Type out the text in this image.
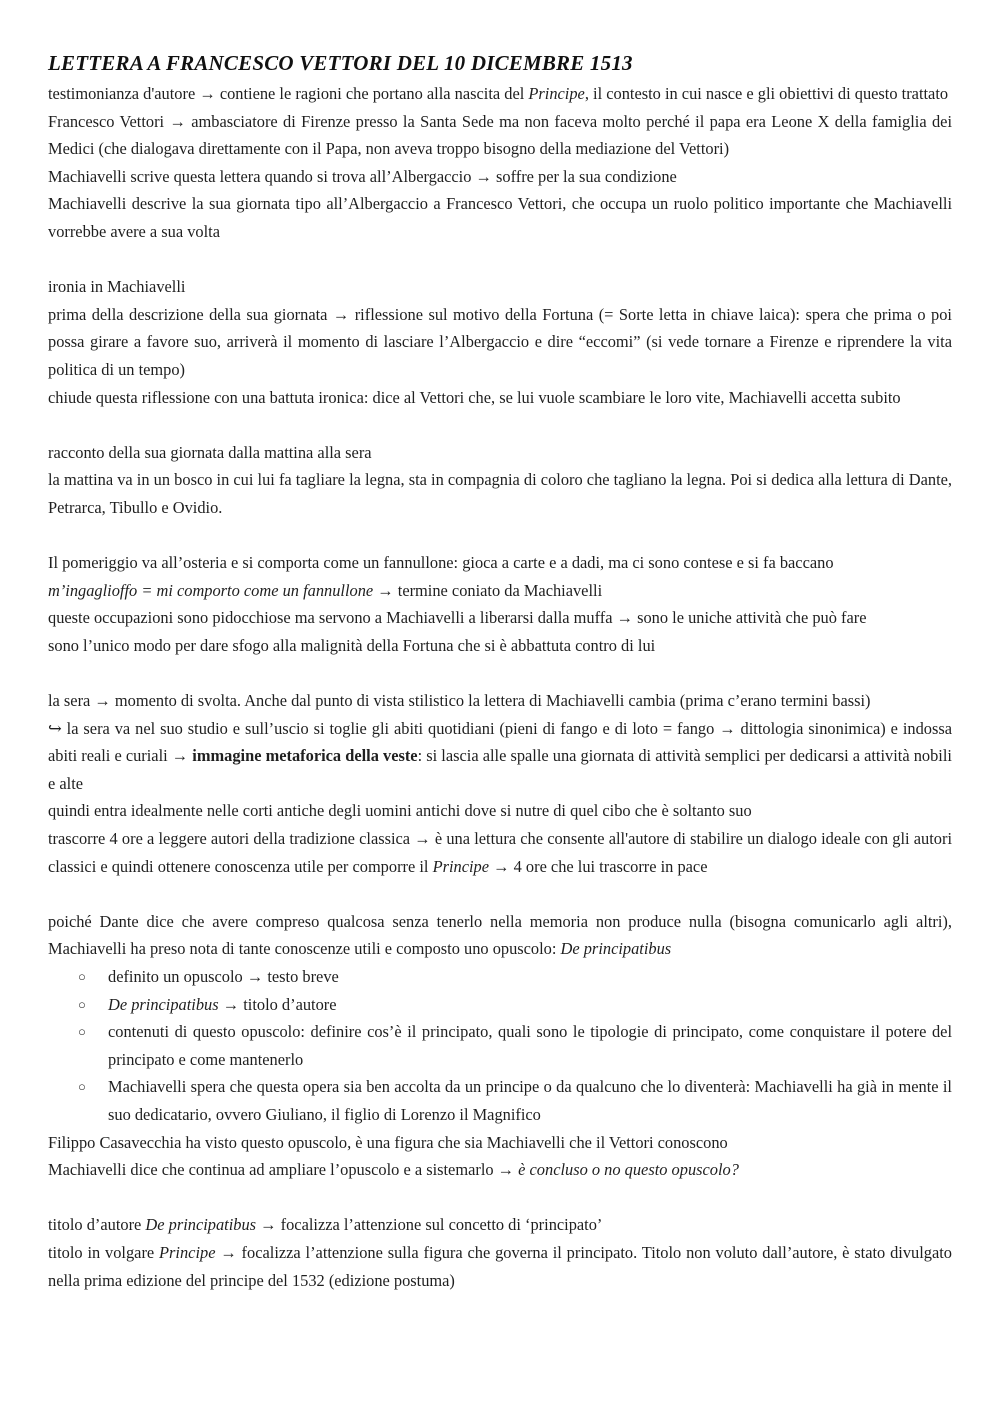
LETTERA A FRANCESCO VETTORI DEL 10 DICEMBRE 1513

testimonianza d'autore → contiene le ragioni che portano alla nascita del Principe, il contesto in cui nasce e gli obiettivi di questo trattato

Francesco Vettori → ambasciatore di Firenze presso la Santa Sede ma non faceva molto perché il papa era Leone X della famiglia dei Medici (che dialogava direttamente con il Papa, non aveva troppo bisogno della mediazione del Vettori)

Machiavelli scrive questa lettera quando si trova all’Albergaccio → soffre per la sua condizione

Machiavelli descrive la sua giornata tipo all’Albergaccio a Francesco Vettori, che occupa un ruolo politico importante che Machiavelli vorrebbe avere a sua volta

ironia in Machiavelli

prima della descrizione della sua giornata → riflessione sul motivo della Fortuna (= Sorte letta in chiave laica): spera che prima o poi possa girare a favore suo, arriverà il momento di lasciare l’Albergaccio e dire “eccomi” (si vede tornare a Firenze e riprendere la vita politica di un tempo)

chiude questa riflessione con una battuta ironica: dice al Vettori che, se lui vuole scambiare le loro vite, Machiavelli accetta subito

racconto della sua giornata dalla mattina alla sera

la mattina va in un bosco in cui lui fa tagliare la legna, sta in compagnia di coloro che tagliano la legna. Poi si dedica alla lettura di Dante, Petrarca, Tibullo e Ovidio.

Il pomeriggio va all’osteria e si comporta come un fannullone: gioca a carte e a dadi, ma ci sono contese e si fa baccano

m’ingaglioffo = mi comporto come un fannullone → termine coniato da Machiavelli

queste occupazioni sono pidocchiose ma servono a Machiavelli a liberarsi dalla muffa → sono le uniche attività che può fare

sono l’unico modo per dare sfogo alla malignità della Fortuna che si è abbattuta contro di lui

la sera → momento di svolta. Anche dal punto di vista stilistico la lettera di Machiavelli cambia (prima c’erano termini bassi)

↪ la sera va nel suo studio e sull’uscio si toglie gli abiti quotidiani (pieni di fango e di loto = fango → dittologia sinonimica) e indossa abiti reali e curiali → immagine metaforica della veste: si lascia alle spalle una giornata di attività semplici per dedicarsi a attività nobili e alte

quindi entra idealmente nelle corti antiche degli uomini antichi dove si nutre di quel cibo che è soltanto suo

trascorre 4 ore a leggere autori della tradizione classica → è una lettura che consente all'autore di stabilire un dialogo ideale con gli autori classici e quindi ottenere conoscenza utile per comporre il Principe → 4 ore che lui trascorre in pace

poiché Dante dice che avere compreso qualcosa senza tenerlo nella memoria non produce nulla (bisogna comunicarlo agli altri), Machiavelli ha preso nota di tante conoscenze utili e composto uno opuscolo: De principatibus

○	definito un opuscolo → testo breve

○	De principatibus → titolo d’autore

○	contenuti di questo opuscolo: definire cos’è il principato, quali sono le tipologie di principato, come conquistare il potere del principato e come mantenerlo

○	Machiavelli spera che questa opera sia ben accolta da un principe o da qualcuno che lo diventerà: Machiavelli ha già in mente il suo dedicatario, ovvero Giuliano, il figlio di Lorenzo il Magnifico

Filippo Casavecchia ha visto questo opuscolo, è una figura che sia Machiavelli che il Vettori conoscono

Machiavelli dice che continua ad ampliare l’opuscolo e a sistemarlo → è concluso o no questo opuscolo?

titolo d’autore De principatibus → focalizza l’attenzione sul concetto di ‘principato’

titolo in volgare Principe → focalizza l’attenzione sulla figura che governa il principato. Titolo non voluto dall’autore, è stato divulgato nella prima edizione del principe del 1532 (edizione postuma)
